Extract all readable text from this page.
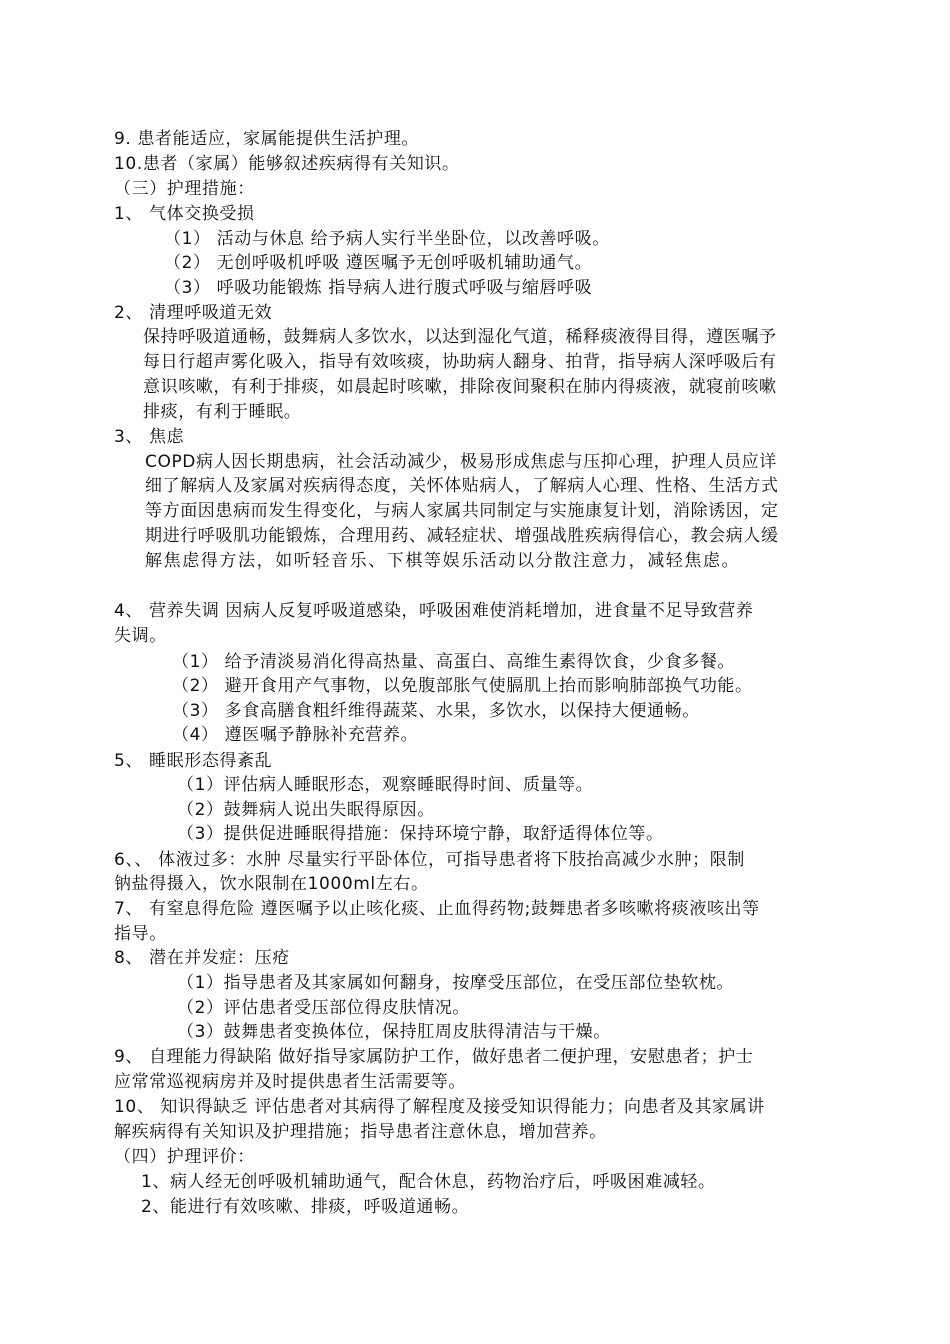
9. 患者能适应，家属能提供生活护理。
10.患者（家属）能够叙述疾病得有关知识。
（三）护理措施：
1、 气体交换受损
（1） 活动与休息 给予病人实行半坐卧位，以改善呼吸。
（2） 无创呼吸机呼吸 遵医嘱予无创呼吸机辅助通气。
（3） 呼吸功能锻炼 指导病人进行腹式呼吸与缩唇呼吸
2、 清理呼吸道无效
保持呼吸道通畅，鼓舞病人多饮水，以达到湿化气道，稀释痰液得目得，遵医嘱予
每日行超声雾化吸入，指导有效咳痰，协助病人翻身、拍背，指导病人深呼吸后有
意识咳嗽，有利于排痰，如晨起时咳嗽，排除夜间聚积在肺内得痰液，就寝前咳嗽
排痰，有利于睡眠。
3、 焦虑
COPD病人因长期患病，社会活动减少，极易形成焦虑与压抑心理，护理人员应详
细了解病人及家属对疾病得态度，关怀体贴病人，了解病人心理、性格、生活方式
等方面因患病而发生得变化，与病人家属共同制定与实施康复计划，消除诱因，定
期进行呼吸肌功能锻炼，合理用药、减轻症状、增强战胜疾病得信心，教会病人缓
解焦虑得方法，如听轻音乐、下棋等娱乐活动以分散注意力，减轻焦虑。
4、 营养失调 因病人反复呼吸道感染，呼吸困难使消耗增加，进食量不足导致营养
失调。
（1） 给予清淡易消化得高热量、高蛋白、高维生素得饮食，少食多餐。
（2） 避开食用产气事物，以免腹部胀气使膈肌上抬而影响肺部换气功能。
（3） 多食高膳食粗纤维得蔬菜、水果，多饮水，以保持大便通畅。
（4） 遵医嘱予静脉补充营养。
5、 睡眠形态得紊乱
（1）评估病人睡眠形态，观察睡眠得时间、质量等。
（2）鼓舞病人说出失眠得原因。
（3）提供促进睡眠得措施：保持环境宁静，取舒适得体位等。
6、、 体液过多：水肿 尽量实行平卧体位，可指导患者将下肢抬高减少水肿；限制
钠盐得摄入，饮水限制在1000ml左右。
7、 有窒息得危险 遵医嘱予以止咳化痰、止血得药物;鼓舞患者多咳嗽将痰液咳出等
指导。
8、 潜在并发症：压疮
（1）指导患者及其家属如何翻身，按摩受压部位，在受压部位垫软枕。
（2）评估患者受压部位得皮肤情况。
（3）鼓舞患者变换体位，保持肛周皮肤得清洁与干燥。
9、 自理能力得缺陷 做好指导家属防护工作，做好患者二便护理，安慰患者；护士
应常常巡视病房并及时提供患者生活需要等。
10、 知识得缺乏 评估患者对其病得了解程度及接受知识得能力；向患者及其家属讲
解疾病得有关知识及护理措施；指导患者注意休息，增加营养。
（四）护理评价：
1、病人经无创呼吸机辅助通气，配合休息，药物治疗后，呼吸困难减轻。
2、能进行有效咳嗽、排痰，呼吸道通畅。
